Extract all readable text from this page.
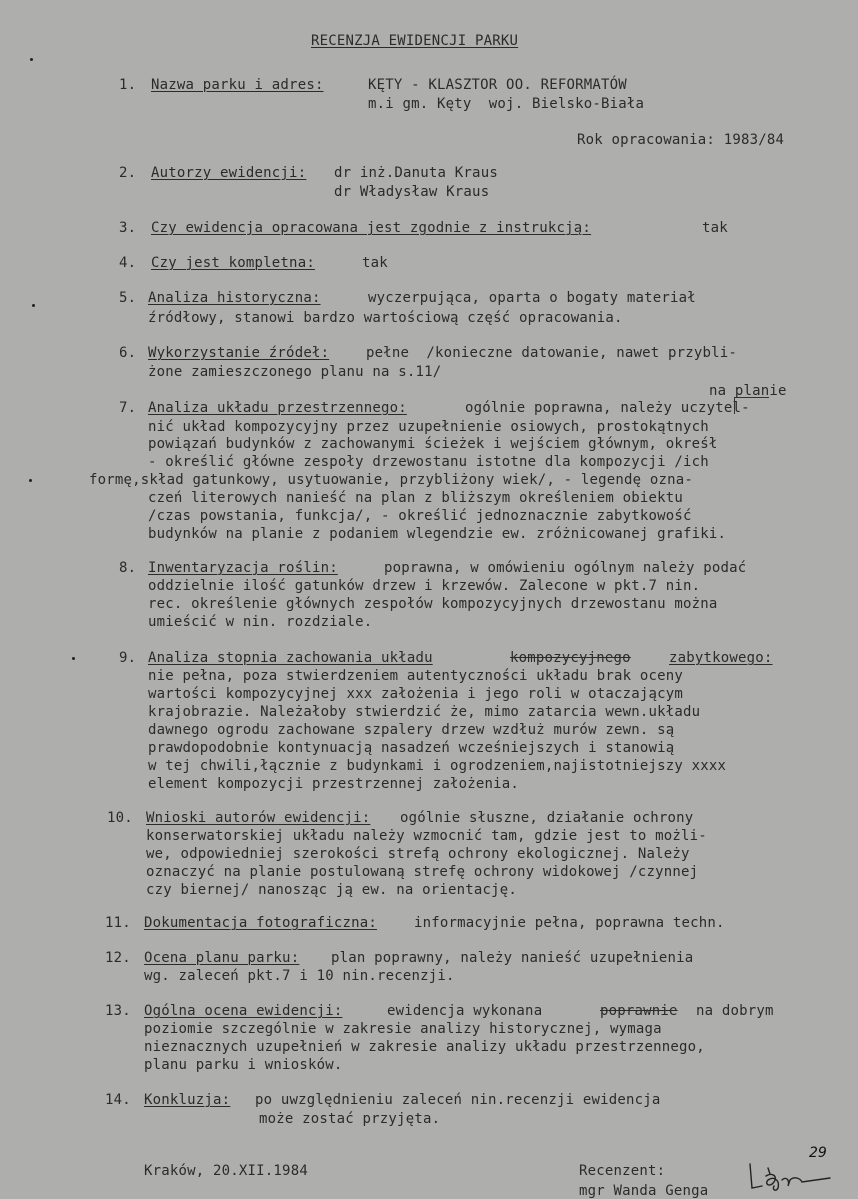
RECENZJA EWIDENCJI PARKU
1. Nazwa parku i adres:	KĘTY - KLASZTOR OO. REFORMATÓW
m.i gm. Kęty  woj. Bielsko-Biała
Rok opracowania: 1983/84
2. Autorzy ewidencji: dr inż.Danuta Kraus
dr Władysław Kraus
3. Czy ewidencja opracowana jest zgodnie z instrukcją:	tak
4. Czy jest kompletna:	tak
5. Analiza historyczna:	wyczerpująca, oparta o bogaty materiał
źródłowy, stanowi bardzo wartościową część opracowania.
6. Wykorzystanie źródeł:	pełne  /konieczne datowanie, nawet przybli-
żone zamieszczonego planu na s.11/
na planie
7. Analiza układu przestrzennego:	ogólnie poprawna, należy uczytel-
nić układ kompozycyjny przez uzupełnienie osiowych, prostokątnych
powiązań budynków z zachowanymi ścieżek i wejściem głównym, okreśł
- określić główne zespoły drzewostanu istotne dla kompozycji /ich
formę,skład gatunkowy, usytuowanie, przybliżony wiek/, - legendę ozna-
czeń literowych nanieść na plan z bliższym określeniem obiektu
/czas powstania, funkcja/, - określić jednoznacznie zabytkowość
budynków na planie z podaniem wlegendzie ew. zróżnicowanej grafiki.
8. Inwentaryzacja roślin:	poprawna, w omówieniu ogólnym należy podać
oddzielnie ilość gatunków drzew i krzewów. Zalecone w pkt.7 nin.
rec. określenie głównych zespołów kompozycyjnych drzewostanu można
umieścić w nin. rozdziale.
9. Analiza stopnia zachowania układu	kompozycyjnego	zabytkowego:
nie pełna, poza stwierdzeniem autentyczności układu brak oceny
wartości kompozycyjnej xxx założenia i jego roli w otaczającym
krajobrazie. Należałoby stwierdzić że, mimo zatarcia wewn.układu
dawnego ogrodu zachowane szpalery drzew wzdłuż murów zewn. są
prawdopodobnie kontynuacją nasadzeń wcześniejszych i stanowią
w tej chwili,łącznie z budynkami i ogrodzeniem,najistotniejszy xxxx
element kompozycji przestrzennej założenia.
10. Wnioski autorów ewidencji: ogólnie słuszne, działanie ochrony
konserwatorskiej układu należy wzmocnić tam, gdzie jest to możli-
we, odpowiedniej szerokości strefą ochrony ekologicznej. Należy
oznaczyć na planie postulowaną strefę ochrony widokowej /czynnej
czy biernej/ nanosząc ją ew. na orientację.
11. Dokumentacja fotograficzna:	informacyjnie pełna, poprawna techn.
12. Ocena planu parku: plan poprawny, należy nanieść uzupełnienia
wg. zaleceń pkt.7 i 10 nin.recenzji.
13. Ogólna ocena ewidencji:	ewidencja wykonana	poprawnie na dobrym
poziomie szczególnie w zakresie analizy historycznej, wymaga
nieznacznych uzupełnień w zakresie analizy układu przestrzennego,
planu parku i wniosków.
14. Konkluzja: po uwzględnieniu zaleceń nin.recenzji ewidencja
może zostać przyjęta.
Kraków, 20.XII.1984	Recenzent:
mgr Wanda Genga
29
